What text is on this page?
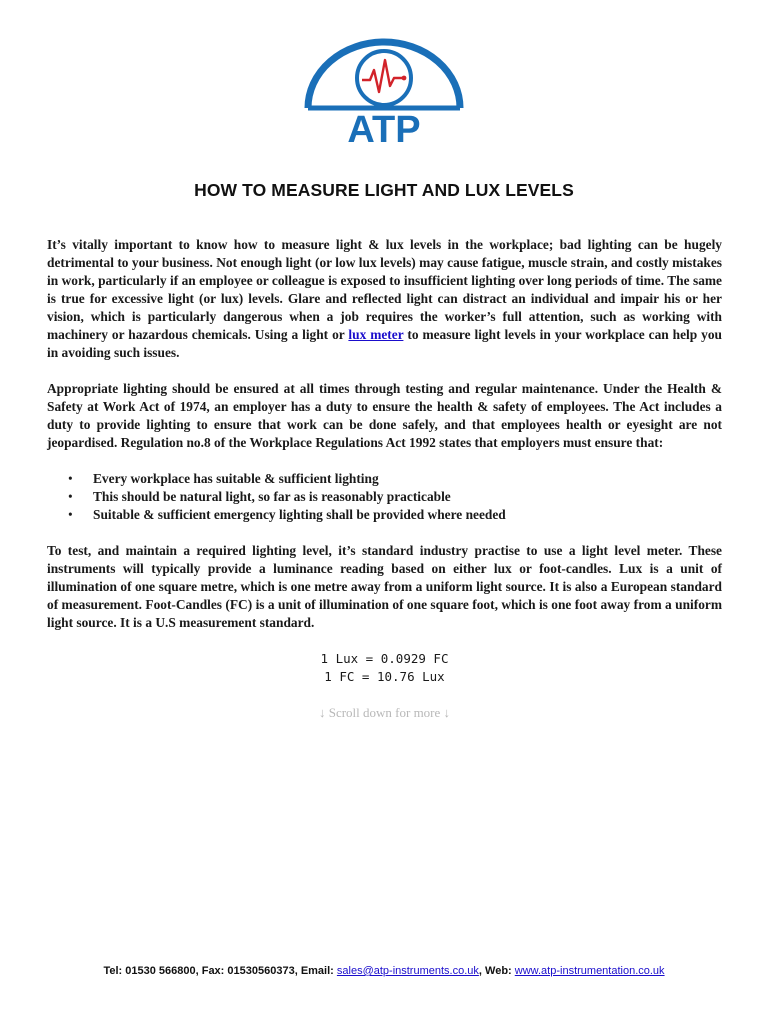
ATP
HOW TO MEASURE LIGHT AND LUX LEVELS

It’s vitally important to know how to measure light & lux levels in the workplace; bad lighting can be hugely detrimental to your business. Not enough light (or low lux levels) may cause fatigue, muscle strain, and costly mistakes in work, particularly if an employee or colleague is exposed to insufficient lighting over long periods of time. The same is true for excessive light (or lux) levels. Glare and reflected light can distract an individual and impair his or her vision, which is particularly dangerous when a job requires the worker’s full attention, such as working with machinery or hazardous chemicals. Using a light or lux meter to measure light levels in your workplace can help you in avoiding such issues.

Appropriate lighting should be ensured at all times through testing and regular maintenance. Under the Health & Safety at Work Act of 1974, an employer has a duty to ensure the health & safety of employees. The Act includes a duty to provide lighting to ensure that work can be done safely, and that employees health or eyesight are not jeopardised. Regulation no.8 of the Workplace Regulations Act 1992 states that employers must ensure that:

• Every workplace has suitable & sufficient lighting
• This should be natural light, so far as is reasonably practicable
• Suitable & sufficient emergency lighting shall be provided where needed

To test, and maintain a required lighting level, it’s standard industry practise to use a light level meter. These instruments will typically provide a luminance reading based on either lux or foot-candles. Lux is a unit of illumination of one square metre, which is one metre away from a uniform light source. It is also a European standard of measurement. Foot-Candles (FC) is a unit of illumination of one square foot, which is one foot away from a uniform light source. It is a U.S measurement standard.

1 Lux = 0.0929 FC
1 FC = 10.76 Lux
↓ Scroll down for more ↓
Tel: 01530 566800, Fax: 01530560373, Email: sales@atp-instruments.co.uk, Web: www.atp-instrumentation.co.uk
